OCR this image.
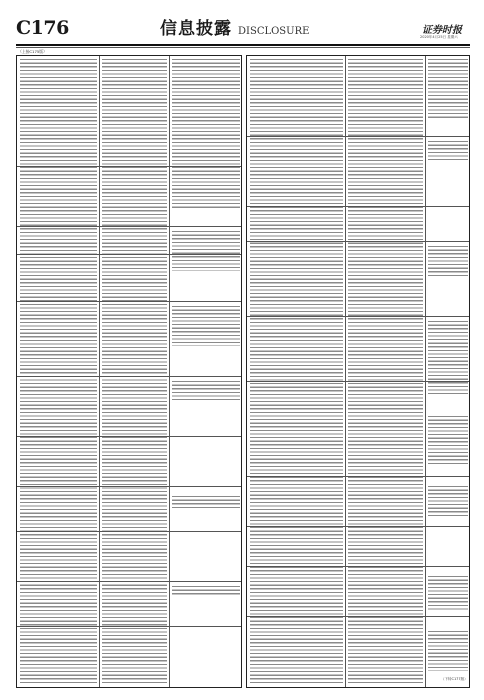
C176	信息披露 DISCLOSURE	证券时报
2020年4月25日 星期六
（上接C175版）
（下转C177版）
